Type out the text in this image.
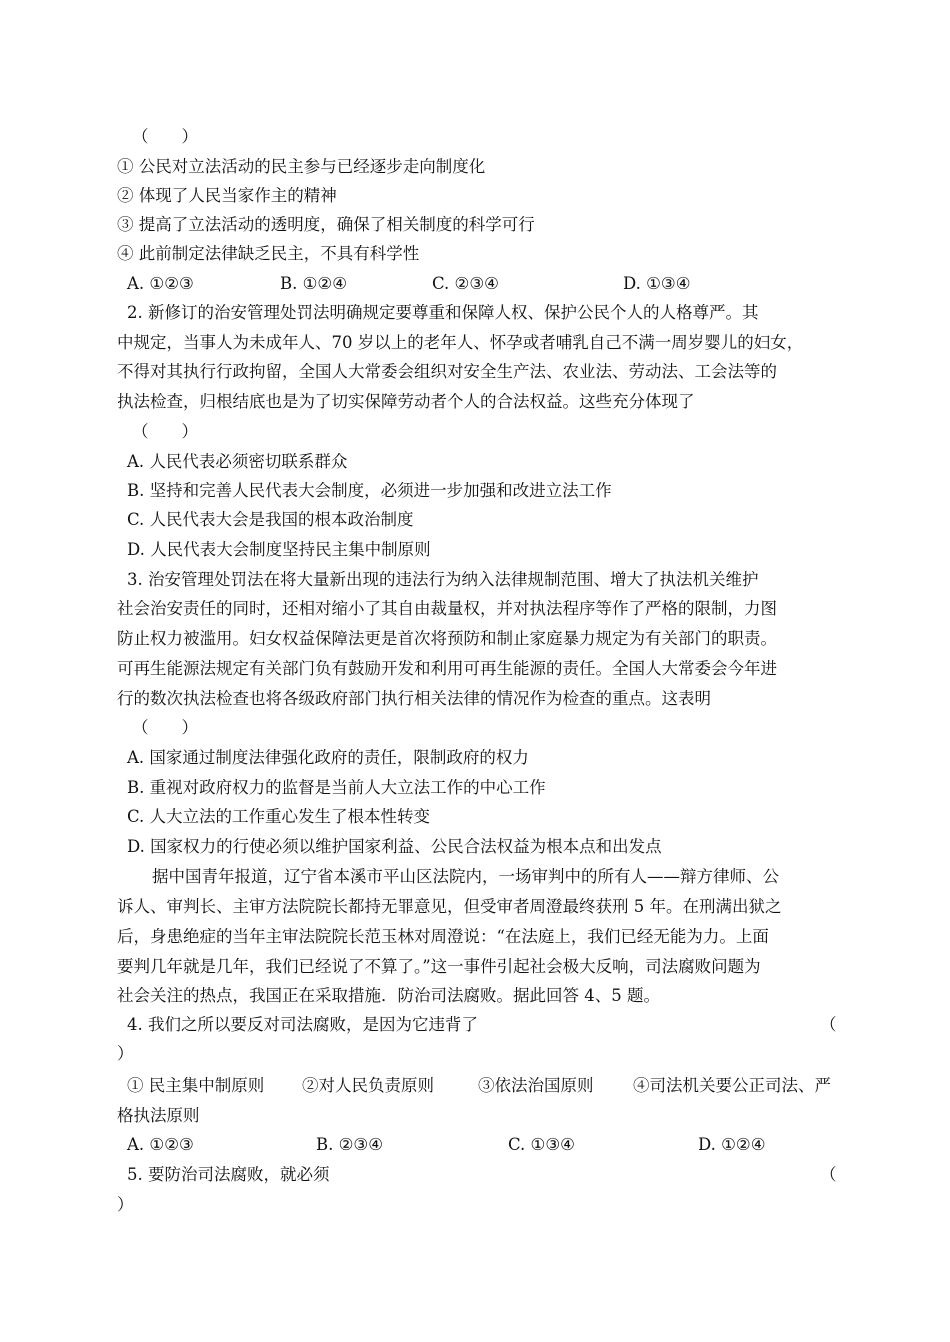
（　　）
① 公民对立法活动的民主参与已经逐步走向制度化
② 体现了人民当家作主的精神
③ 提高了立法活动的透明度，确保了相关制度的科学可行
④ 此前制定法律缺乏民主，不具有科学性
A. ①②③	B. ①②④	C. ②③④	D. ①③④
2. 新修订的治安管理处罚法明确规定要尊重和保障人权、保护公民个人的人格尊严。其
中规定，当事人为未成年人、70 岁以上的老年人、怀孕或者哺乳自己不满一周岁婴儿的妇女，
不得对其执行行政拘留，全国人大常委会组织对安全生产法、农业法、劳动法、工会法等的
执法检查，归根结底也是为了切实保障劳动者个人的合法权益。这些充分体现了
（　　）
A. 人民代表必须密切联系群众
B. 坚持和完善人民代表大会制度，必须进一步加强和改进立法工作
C. 人民代表大会是我国的根本政治制度
D. 人民代表大会制度坚持民主集中制原则
3. 治安管理处罚法在将大量新出现的违法行为纳入法律规制范围、增大了执法机关维护
社会治安责任的同时，还相对缩小了其自由裁量权，并对执法程序等作了严格的限制，力图
防止权力被滥用。妇女权益保障法更是首次将预防和制止家庭暴力规定为有关部门的职责。
可再生能源法规定有关部门负有鼓励开发和利用可再生能源的责任。全国人大常委会今年进
行的数次执法检查也将各级政府部门执行相关法律的情况作为检查的重点。这表明
（　　）
A. 国家通过制度法律强化政府的责任，限制政府的权力
B. 重视对政府权力的监督是当前人大立法工作的中心工作
C. 人大立法的工作重心发生了根本性转变
D. 国家权力的行使必须以维护国家利益、公民合法权益为根本点和出发点
据中国青年报道，辽宁省本溪市平山区法院内，一场审判中的所有人——辩方律师、公
诉人、审判长、主审方法院院长都持无罪意见，但受审者周澄最终获刑 5 年。在刑满出狱之
后，身患绝症的当年主审法院院长范玉林对周澄说：“在法庭上，我们已经无能为力。上面
要判几年就是几年，我们已经说了不算了。”这一事件引起社会极大反响，司法腐败问题为
社会关注的热点，我国正在采取措施．防治司法腐败。据此回答 4、5 题。
4. 我们之所以要反对司法腐败，是因为它违背了	（
）
① 民主集中制原则 ②对人民负责原则	③依法治国原则 ④司法机关要公正司法、严
格执法原则
A. ①②③	B. ②③④	C. ①③④	D. ①②④
5. 要防治司法腐败，就必须	（
）
